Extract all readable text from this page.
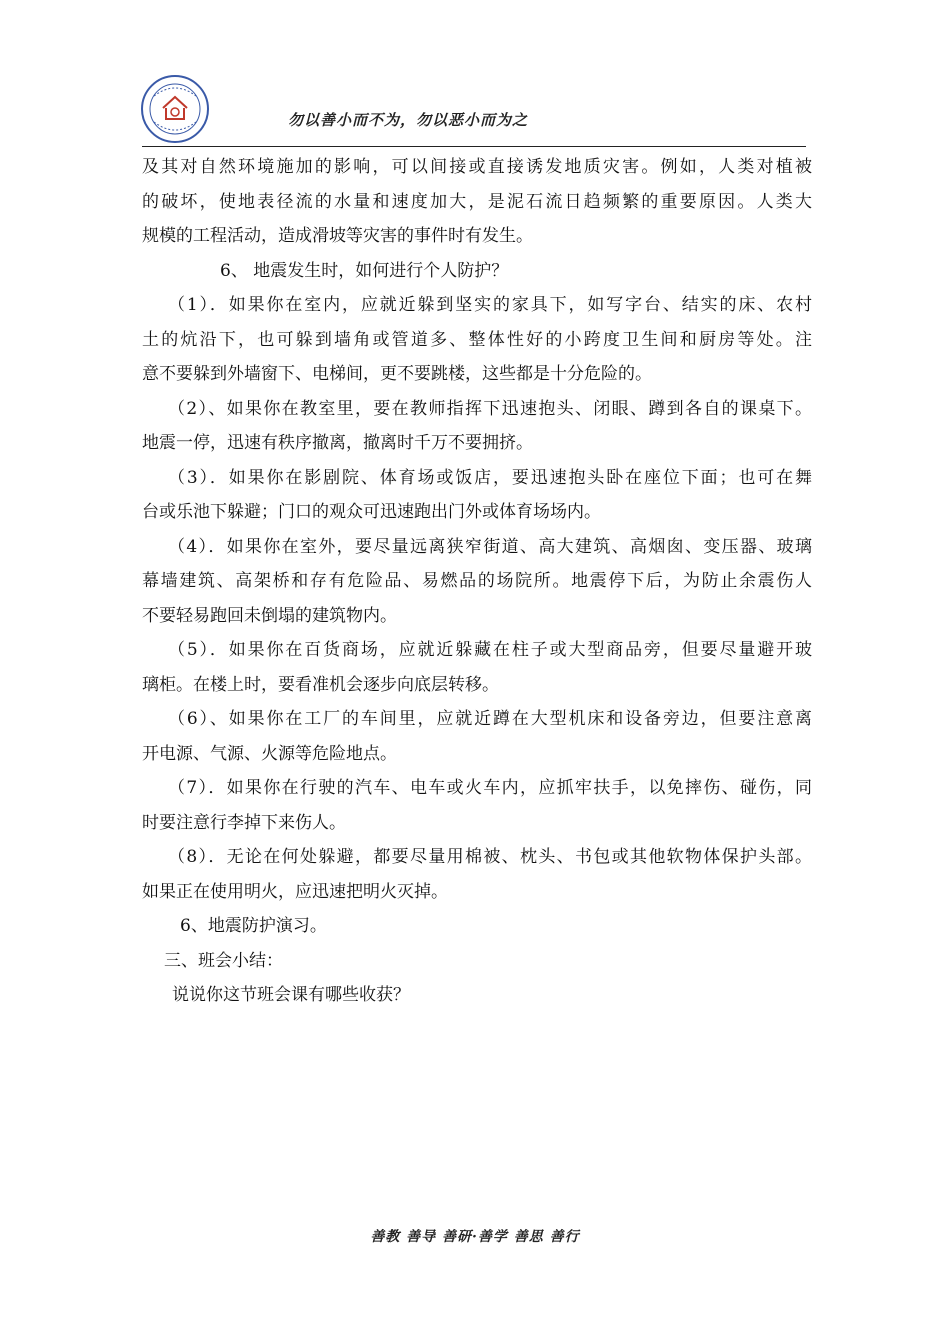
勿以善小而不为，勿以恶小而为之
及其对自然环境施加的影响，可以间接或直接诱发地质灾害。例如，人类对植被
的破坏，使地表径流的水量和速度加大，是泥石流日趋频繁的重要原因。人类大
规模的工程活动，造成滑坡等灾害的事件时有发生。
6、 地震发生时，如何进行个人防护？
（1）．如果你在室内，应就近躲到坚实的家具下，如写字台、结实的床、农村
土的炕沿下，也可躲到墙角或管道多、整体性好的小跨度卫生间和厨房等处。注
意不要躲到外墙窗下、电梯间，更不要跳楼，这些都是十分危险的。
（2）、如果你在教室里，要在教师指挥下迅速抱头、闭眼、蹲到各自的课桌下。
地震一停，迅速有秩序撤离，撤离时千万不要拥挤。
（3）．如果你在影剧院、体育场或饭店，要迅速抱头卧在座位下面；也可在舞
台或乐池下躲避；门口的观众可迅速跑出门外或体育场场内。
（4）．如果你在室外，要尽量远离狭窄街道、高大建筑、高烟囱、变压器、玻璃
幕墙建筑、高架桥和存有危险品、易燃品的场院所。地震停下后，为防止余震伤人
不要轻易跑回未倒塌的建筑物内。
（5）．如果你在百货商场，应就近躲藏在柱子或大型商品旁，但要尽量避开玻
璃柜。在楼上时，要看准机会逐步向底层转移。
（6）、如果你在工厂的车间里，应就近蹲在大型机床和设备旁边，但要注意离
开电源、气源、火源等危险地点。
（7）．如果你在行驶的汽车、电车或火车内，应抓牢扶手，以免摔伤、碰伤，同
时要注意行李掉下来伤人。
（8）．无论在何处躲避，都要尽量用棉被、枕头、书包或其他软物体保护头部。
如果正在使用明火，应迅速把明火灭掉。
6、地震防护演习。
三、班会小结：
说说你这节班会课有哪些收获？
善教 善导 善研·善学 善思 善行
